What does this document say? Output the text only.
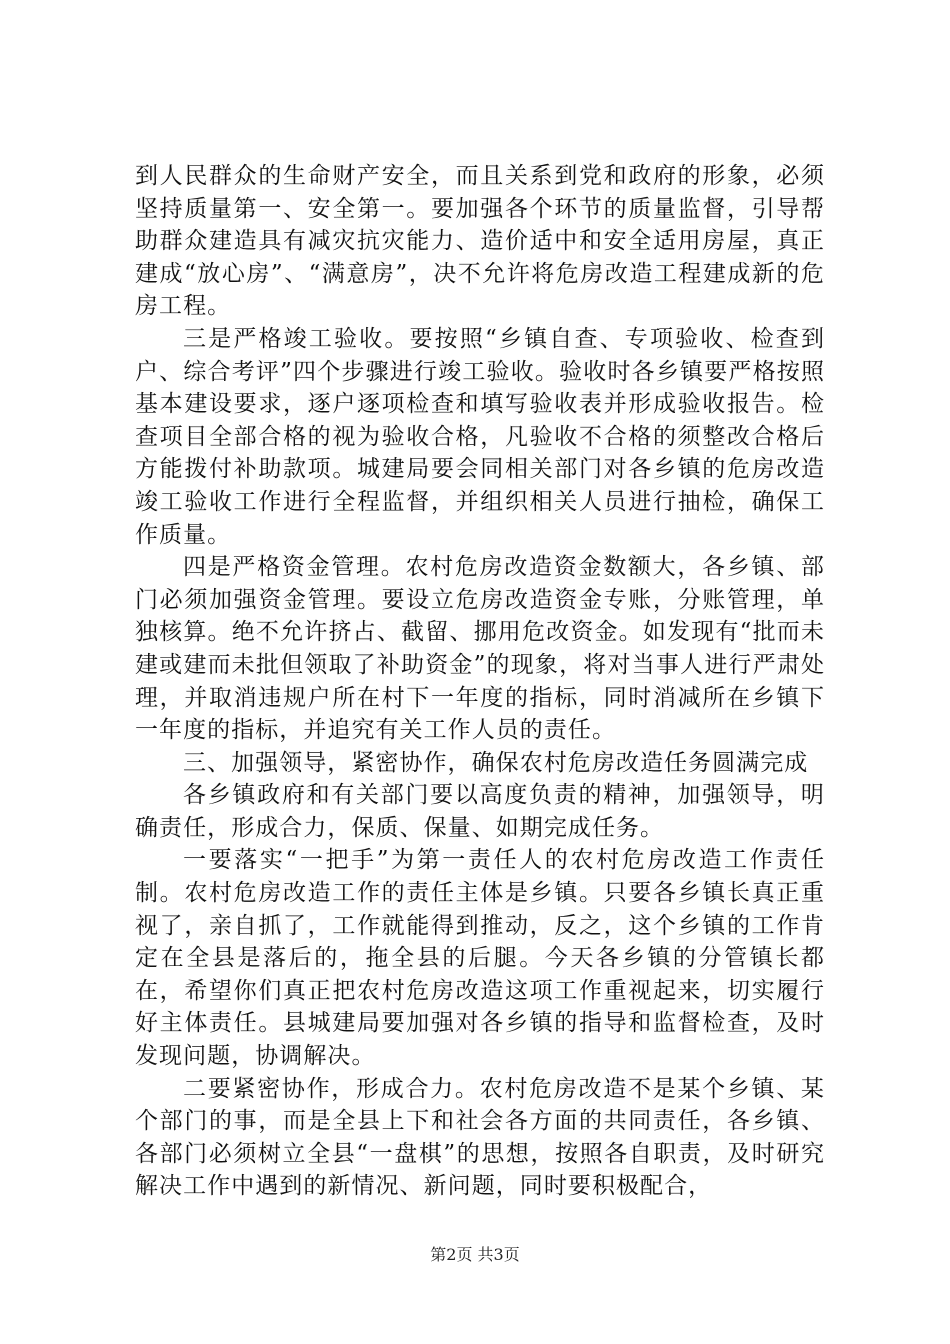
到人民群众的生命财产安全，而且关系到党和政府的形象，必须坚持质量第一、安全第一。要加强各个环节的质量监督，引导帮助群众建造具有减灾抗灾能力、造价适中和安全适用房屋，真正建成“放心房”、“满意房”，决不允许将危房改造工程建成新的危房工程。

三是严格竣工验收。要按照“乡镇自查、专项验收、检查到户、综合考评”四个步骤进行竣工验收。验收时各乡镇要严格按照基本建设要求，逐户逐项检查和填写验收表并形成验收报告。检查项目全部合格的视为验收合格，凡验收不合格的须整改合格后方能拨付补助款项。城建局要会同相关部门对各乡镇的危房改造竣工验收工作进行全程监督，并组织相关人员进行抽检，确保工作质量。

四是严格资金管理。农村危房改造资金数额大，各乡镇、部门必须加强资金管理。要设立危房改造资金专账，分账管理，单独核算。绝不允许挤占、截留、挪用危改资金。如发现有“批而未建或建而未批但领取了补助资金”的现象，将对当事人进行严肃处理，并取消违规户所在村下一年度的指标，同时消减所在乡镇下一年度的指标，并追究有关工作人员的责任。

三、加强领导，紧密协作，确保农村危房改造任务圆满完成

各乡镇政府和有关部门要以高度负责的精神，加强领导，明确责任，形成合力，保质、保量、如期完成任务。

一要落实“一把手”为第一责任人的农村危房改造工作责任制。农村危房改造工作的责任主体是乡镇。只要各乡镇长真正重视了，亲自抓了，工作就能得到推动，反之，这个乡镇的工作肯定在全县是落后的，拖全县的后腿。今天各乡镇的分管镇长都在，希望你们真正把农村危房改造这项工作重视起来，切实履行好主体责任。县城建局要加强对各乡镇的指导和监督检查，及时发现问题，协调解决。

二要紧密协作，形成合力。农村危房改造不是某个乡镇、某个部门的事，而是全县上下和社会各方面的共同责任，各乡镇、各部门必须树立全县“一盘棋”的思想，按照各自职责，及时研究解决工作中遇到的新情况、新问题，同时要积极配合，

第2页 共3页
